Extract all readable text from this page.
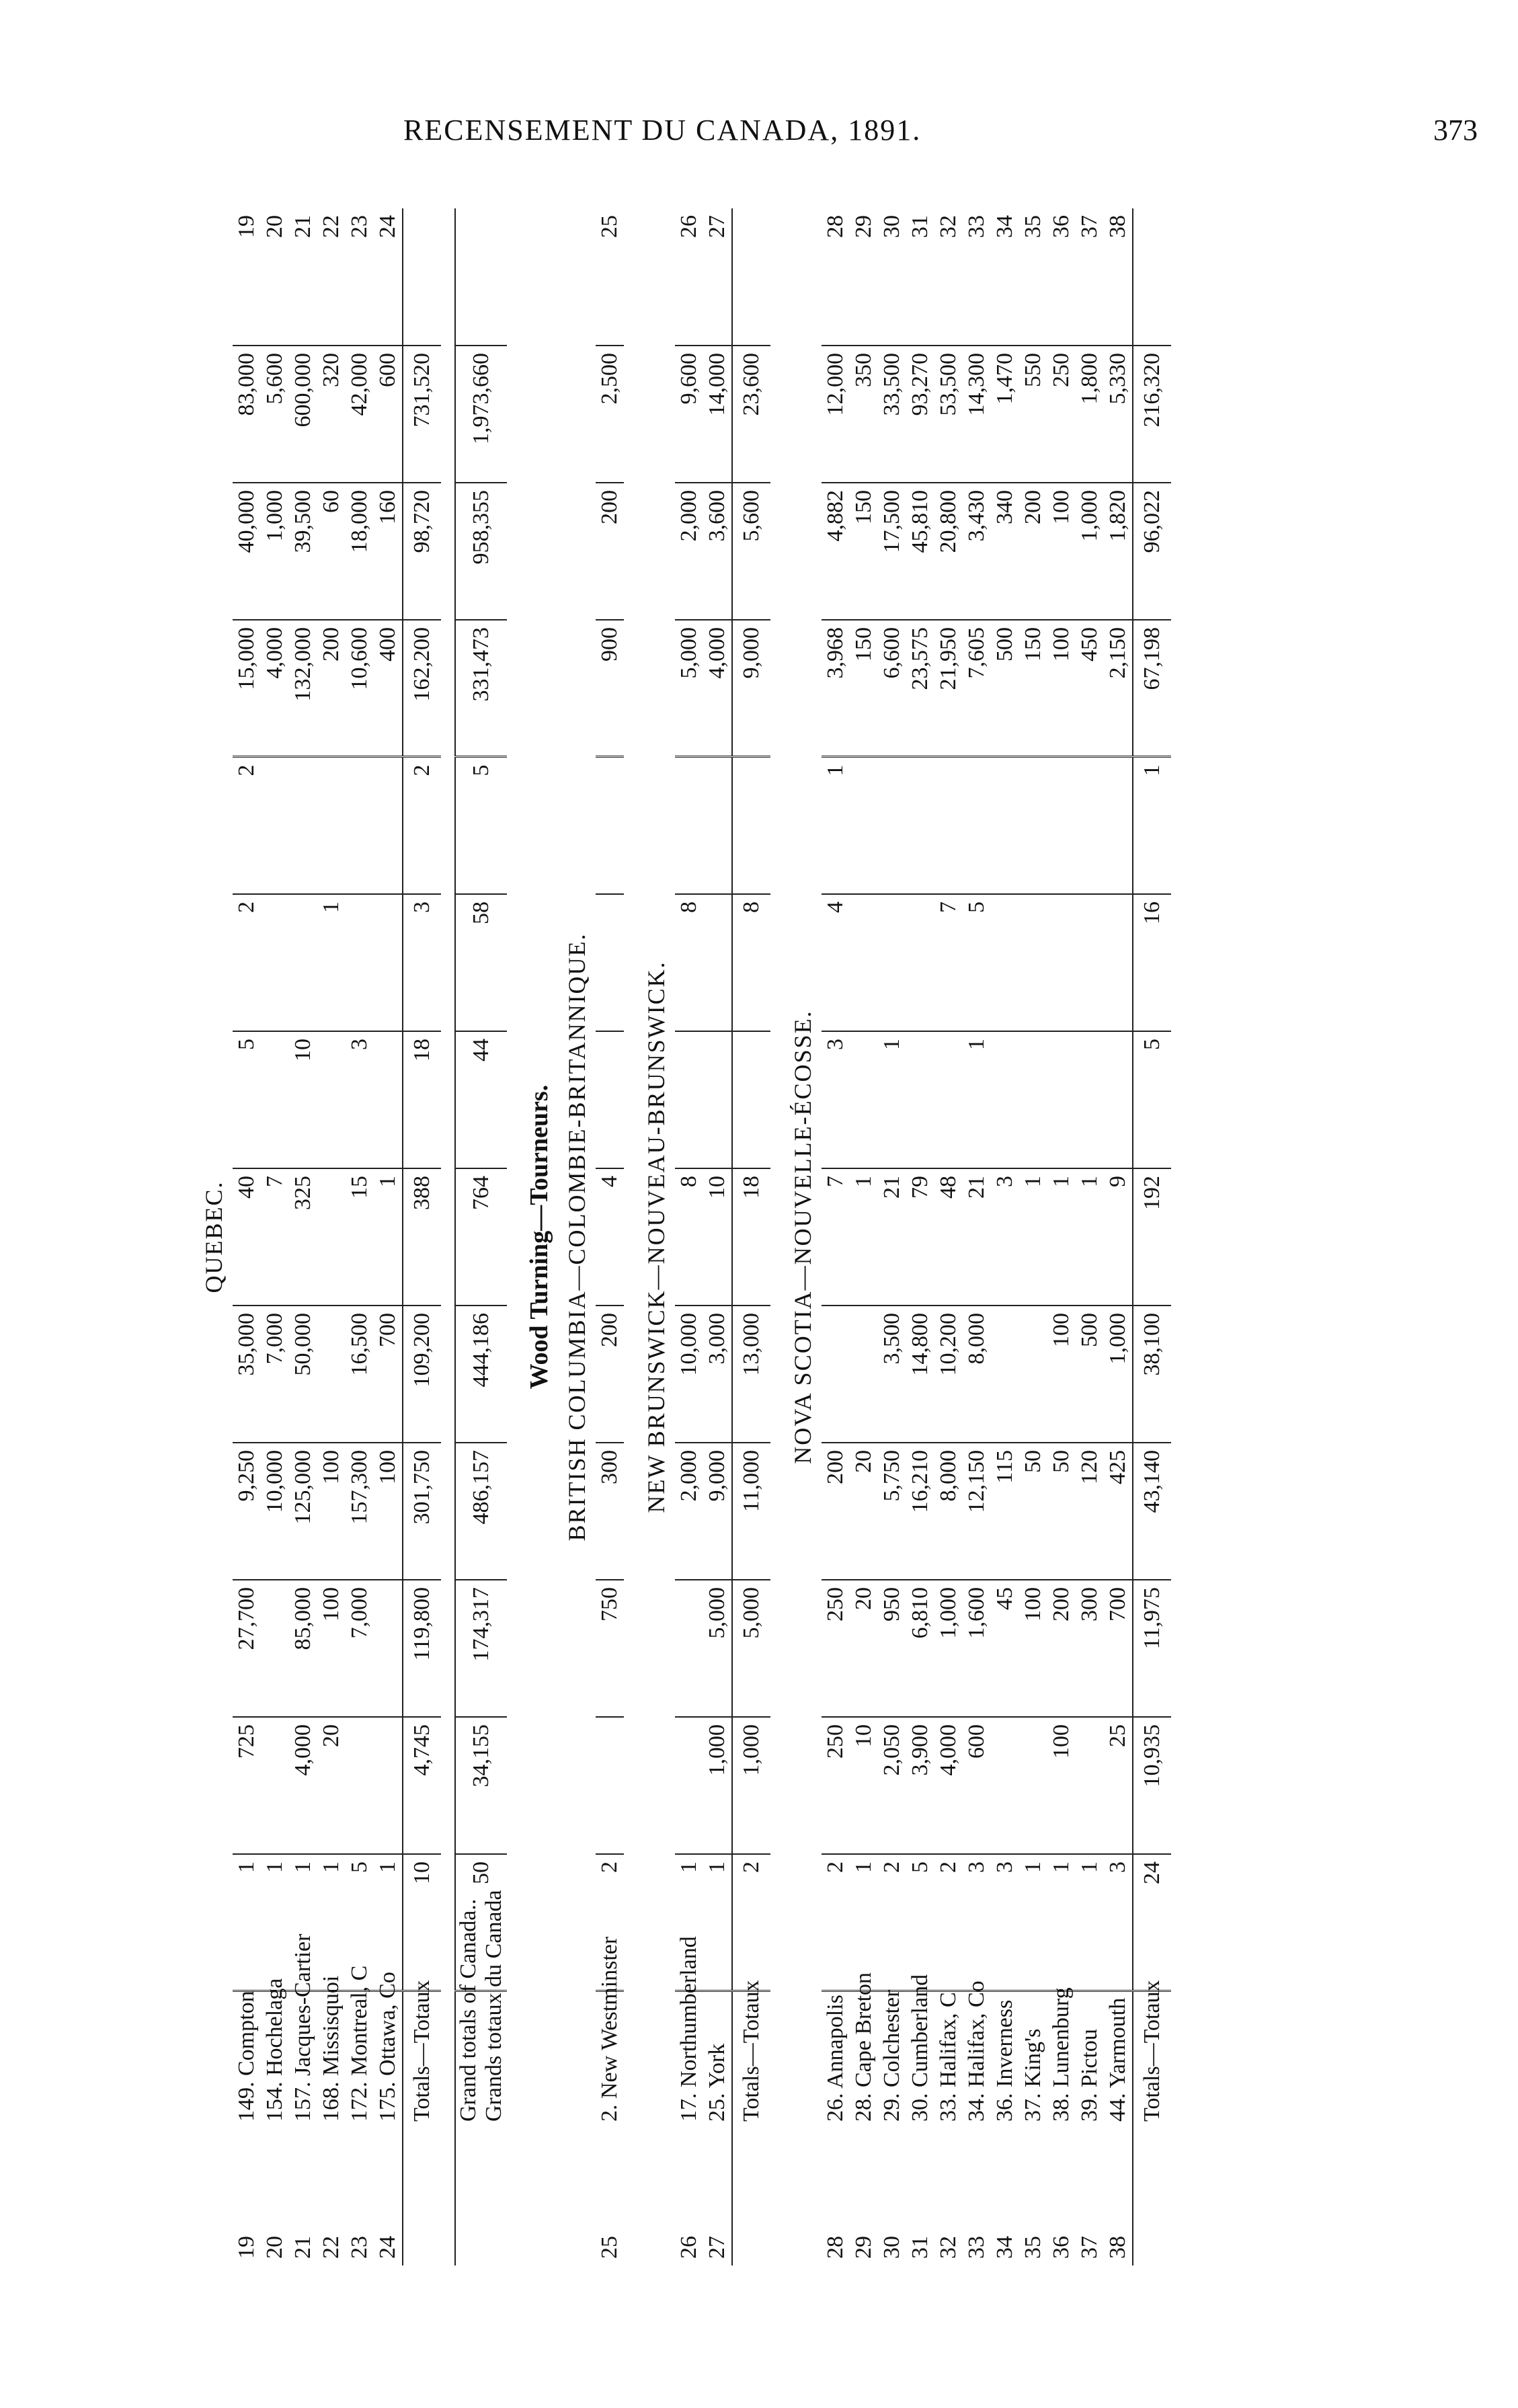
RECENSEMENT DU CANADA, 1891.	373
QUEBEC.														
19	149. Compton	1	725	27,700	9,250	35,000	40	5	2	2	15,000	40,000	83,000	19
20	154. Hochelaga	1			10,000	7,000	7				4,000	1,000	5,600	20
21	157. Jacques-Cartier	1	4,000	85,000	125,000	50,000	325	10			132,000	39,500	600,000	21
22	168. Missisquoi	1	20	100	100				1		200	60	320	22
23	172. Montreal, C	5		7,000	157,300	16,500	15	3			10,600	18,000	42,000	23
24	175. Ottawa, Co	1			100	700	1				400	160	600	24
	Totals—Totaux	10	4,745	119,800	301,750	109,200	388	18	3	2	162,200	98,720	731,520	

	Grand totals of Canada.. Grands totaux du Canada	50	34,155	174,317	486,157	444,186	764	44	58	5	331,473	958,355	1,973,660	

Wood Turning—Tourneurs.														
BRITISH COLUMBIA—COLOMBIE-BRITANNIQUE.														
25	2. New Westminster	2		750	300	200	4				900	200	2,500	25

NEW BRUNSWICK—NOUVEAU-BRUNSWICK.														
26	17. Northumberland	1			2,000	10,000	8		8		5,000	2,000	9,600	26
27	25. York	1	1,000	5,000	9,000	3,000	10				4,000	3,600	14,000	27
	Totals—Totaux	2	1,000	5,000	11,000	13,000	18		8		9,000	5,600	23,600	

NOVA SCOTIA—NOUVELLE-ÉCOSSE.														
28	26. Annapolis	2	250	250	200		7	3	4	1	3,968	4,882	12,000	28
29	28. Cape Breton	1	10	20	20		1				150	150	350	29
30	29. Colchester	2	2,050	950	5,750	3,500	21	1			6,600	17,500	33,500	30
31	30. Cumberland	5	3,900	6,810	16,210	14,800	79				23,575	45,810	93,270	31
32	33. Halifax, C	2	4,000	1,000	8,000	10,200	48		7		21,950	20,800	53,500	32
33	34. Halifax, Co	3	600	1,600	12,150	8,000	21	1	5		7,605	3,430	14,300	33
34	36. Inverness	3		45	115		3				500	340	1,470	34
35	37. King's	1		100	50		1				150	200	550	35
36	38. Lunenburg	1	100	200	50	100	1				100	100	250	36
37	39. Pictou	1		300	120	500	1				450	1,000	1,800	37
38	44. Yarmouth	3	25	700	425	1,000	9				2,150	1,820	5,330	38
	Totals—Totaux	24	10,935	11,975	43,140	38,100	192	5	16	1	67,198	96,022	216,320	
